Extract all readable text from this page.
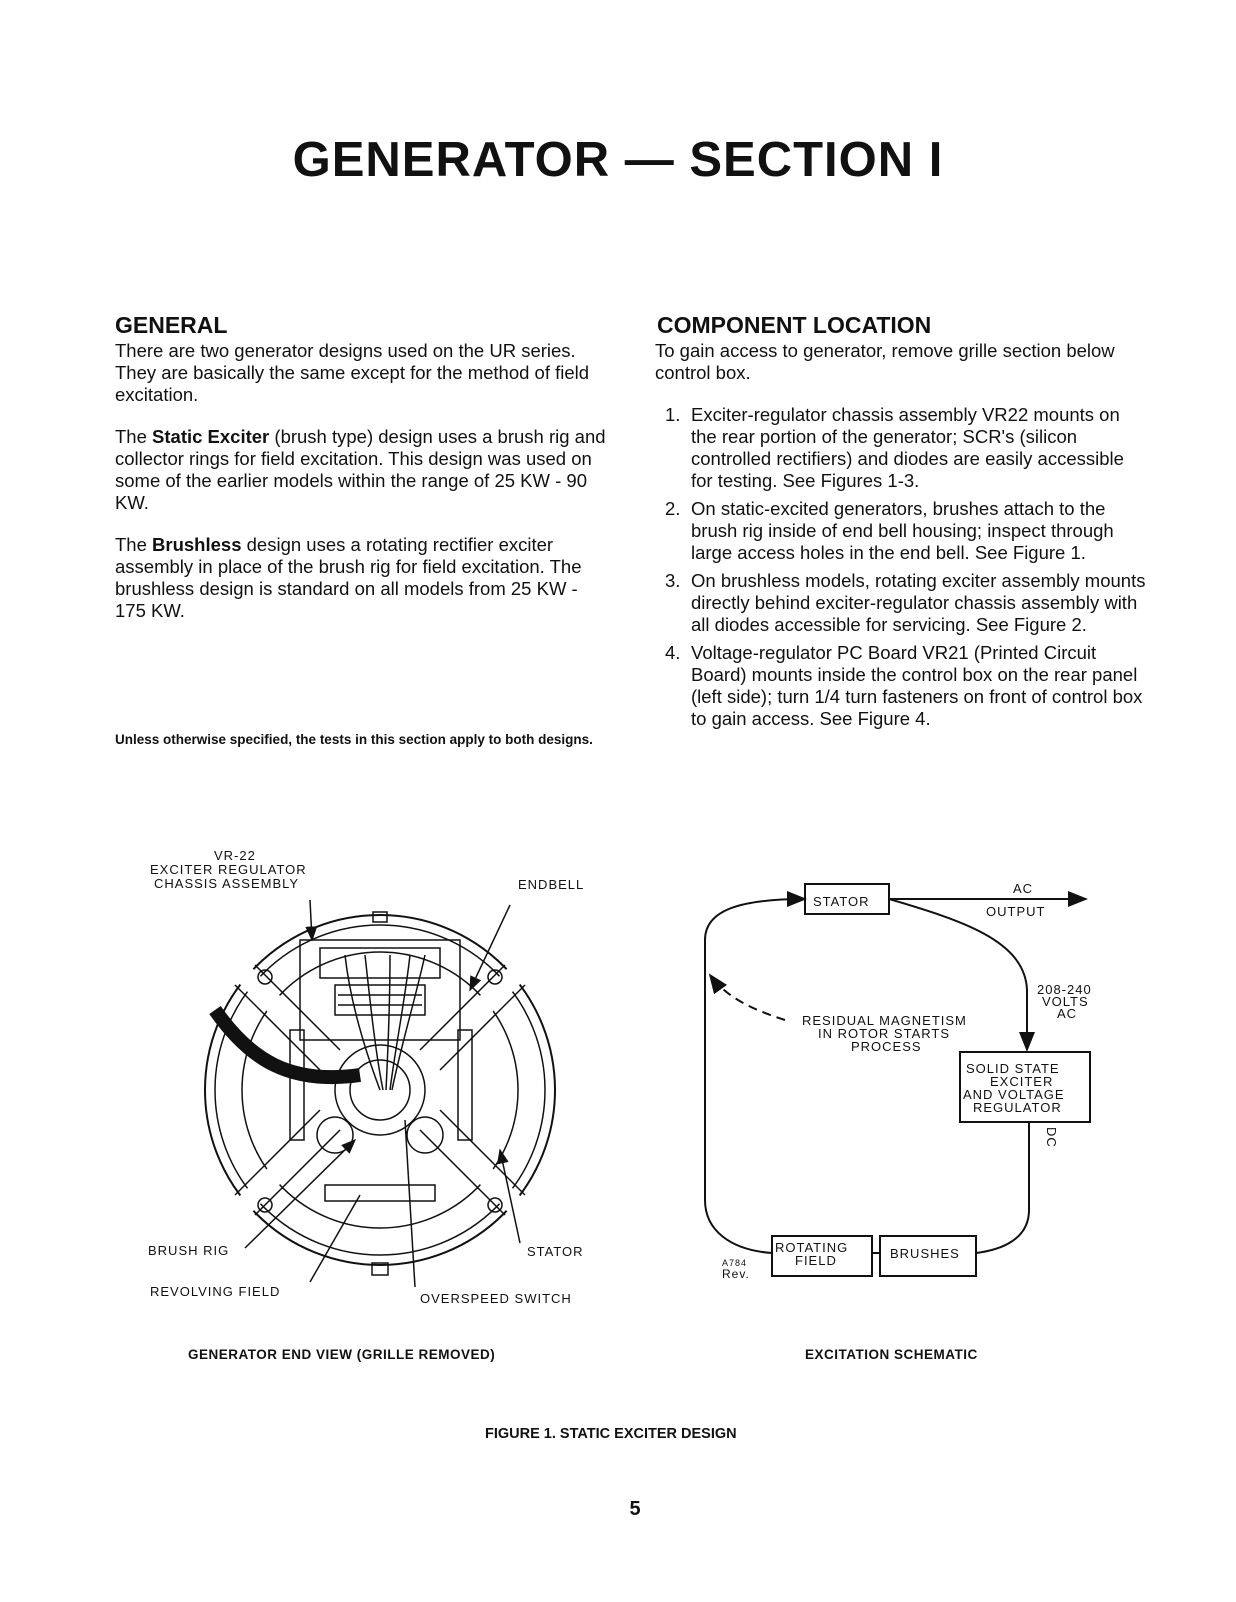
GENERATOR — SECTION I
GENERAL
There are two generator designs used on the UR series. They are basically the same except for the method of field excitation.
The Static Exciter (brush type) design uses a brush rig and collector rings for field excitation. This design was used on some of the earlier models within the range of 25 KW - 90 KW.
The Brushless design uses a rotating rectifier exciter assembly in place of the brush rig for field excitation. The brushless design is standard on all models from 25 KW - 175 KW.
Unless otherwise specified, the tests in this section apply to both designs.
COMPONENT LOCATION
To gain access to generator, remove grille section below control box.
1. Exciter-regulator chassis assembly VR22 mounts on the rear portion of the generator; SCR's (silicon controlled rectifiers) and diodes are easily accessible for testing. See Figures 1-3.
2. On static-excited generators, brushes attach to the brush rig inside of end bell housing; inspect through large access holes in the end bell. See Figure 1.
3. On brushless models, rotating exciter assembly mounts directly behind exciter-regulator chassis assembly with all diodes accessible for servicing. See Figure 2.
4. Voltage-regulator PC Board VR21 (Printed Circuit Board) mounts inside the control box on the rear panel (left side); turn 1/4 turn fasteners on front of control box to gain access. See Figure 4.
VR-22
EXCITER REGULATOR
CHASSIS ASSEMBLY	ENDBELL
BRUSH RIG	STATOR
REVOLVING FIELD	OVERSPEED SWITCH
STATOR
AC
OUTPUT
208-240
VOLTS
AC
RESIDUAL MAGNETISM
IN ROTOR STARTS
PROCESS
SOLID STATE
EXCITER
AND VOLTAGE
REGULATOR
DC
ROTATING
FIELD	BRUSHES
A784
Rev.
GENERATOR END VIEW (GRILLE REMOVED)	EXCITATION SCHEMATIC
FIGURE 1. STATIC EXCITER DESIGN
5
